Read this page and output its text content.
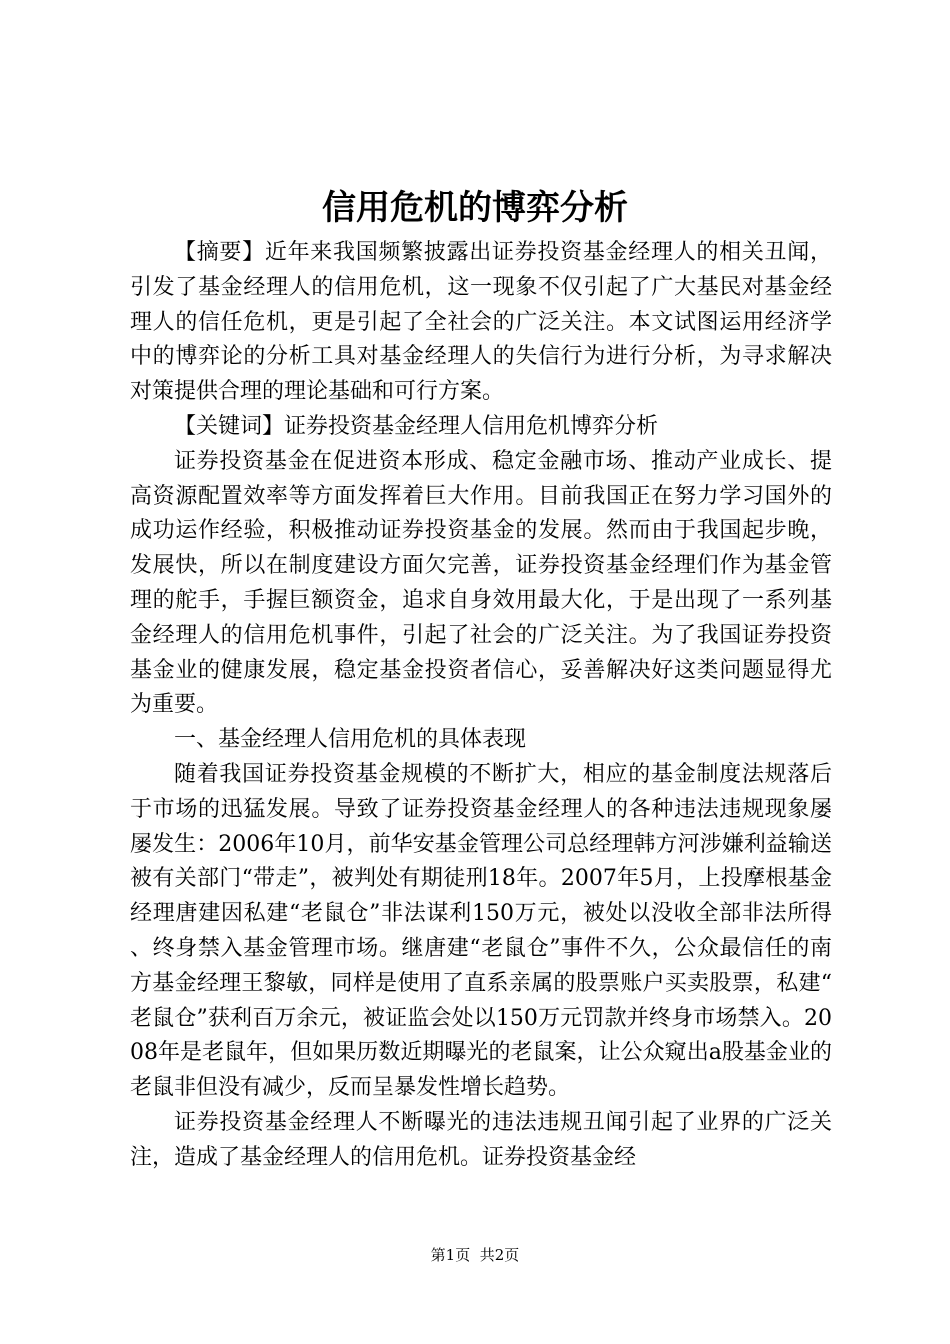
信用危机的博弈分析

【摘要】近年来我国频繁披露出证券投资基金经理人的相关丑闻，引发了基金经理人的信用危机，这一现象不仅引起了广大基民对基金经理人的信任危机，更是引起了全社会的广泛关注。本文试图运用经济学中的博弈论的分析工具对基金经理人的失信行为进行分析，为寻求解决对策提供合理的理论基础和可行方案。

【关键词】证券投资基金经理人信用危机博弈分析

证券投资基金在促进资本形成、稳定金融市场、推动产业成长、提高资源配置效率等方面发挥着巨大作用。目前我国正在努力学习国外的成功运作经验，积极推动证券投资基金的发展。然而由于我国起步晚，发展快，所以在制度建设方面欠完善，证券投资基金经理们作为基金管理的舵手，手握巨额资金，追求自身效用最大化，于是出现了一系列基金经理人的信用危机事件，引起了社会的广泛关注。为了我国证券投资基金业的健康发展，稳定基金投资者信心，妥善解决好这类问题显得尤为重要。

一、基金经理人信用危机的具体表现

随着我国证券投资基金规模的不断扩大，相应的基金制度法规落后于市场的迅猛发展。导致了证券投资基金经理人的各种违法违规现象屡屡发生：2006年10月，前华安基金管理公司总经理韩方河涉嫌利益输送被有关部门“带走”，被判处有期徒刑18年。2007年5月，上投摩根基金经理唐建因私建“老鼠仓”非法谋利150万元，被处以没收全部非法所得、终身禁入基金管理市场。继唐建“老鼠仓”事件不久，公众最信任的南方基金经理王黎敏，同样是使用了直系亲属的股票账户买卖股票，私建“老鼠仓”获利百万余元，被证监会处以150万元罚款并终身市场禁入。2008年是老鼠年，但如果历数近期曝光的老鼠案，让公众窥出a股基金业的老鼠非但没有减少，反而呈暴发性增长趋势。

证券投资基金经理人不断曝光的违法违规丑闻引起了业界的广泛关注，造成了基金经理人的信用危机。证券投资基金经

第1页 共2页
